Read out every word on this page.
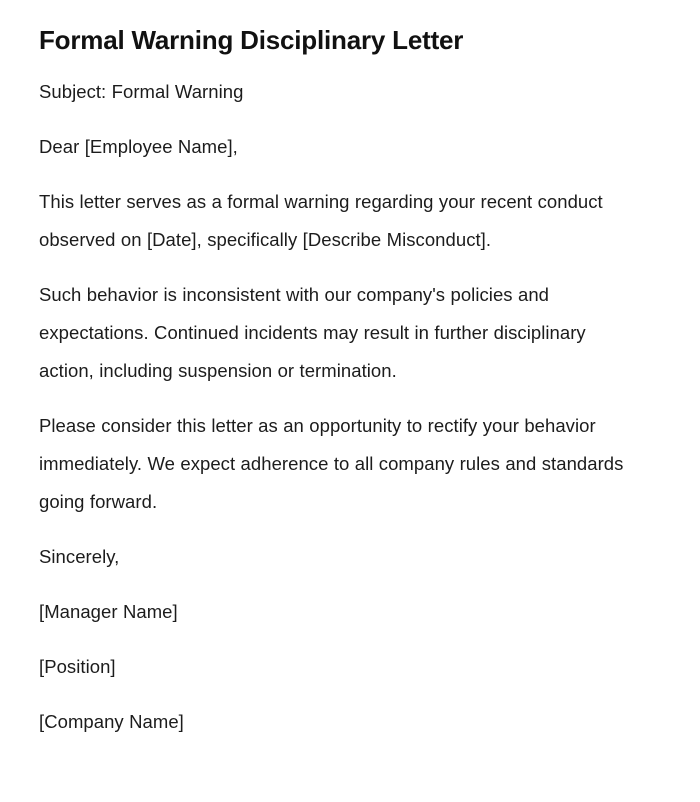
Formal Warning Disciplinary Letter

Subject: Formal Warning

Dear [Employee Name],

This letter serves as a formal warning regarding your recent conduct observed on [Date], specifically [Describe Misconduct].

Such behavior is inconsistent with our company's policies and expectations. Continued incidents may result in further disciplinary action, including suspension or termination.

Please consider this letter as an opportunity to rectify your behavior immediately. We expect adherence to all company rules and standards going forward.

Sincerely,

[Manager Name]

[Position]

[Company Name]
